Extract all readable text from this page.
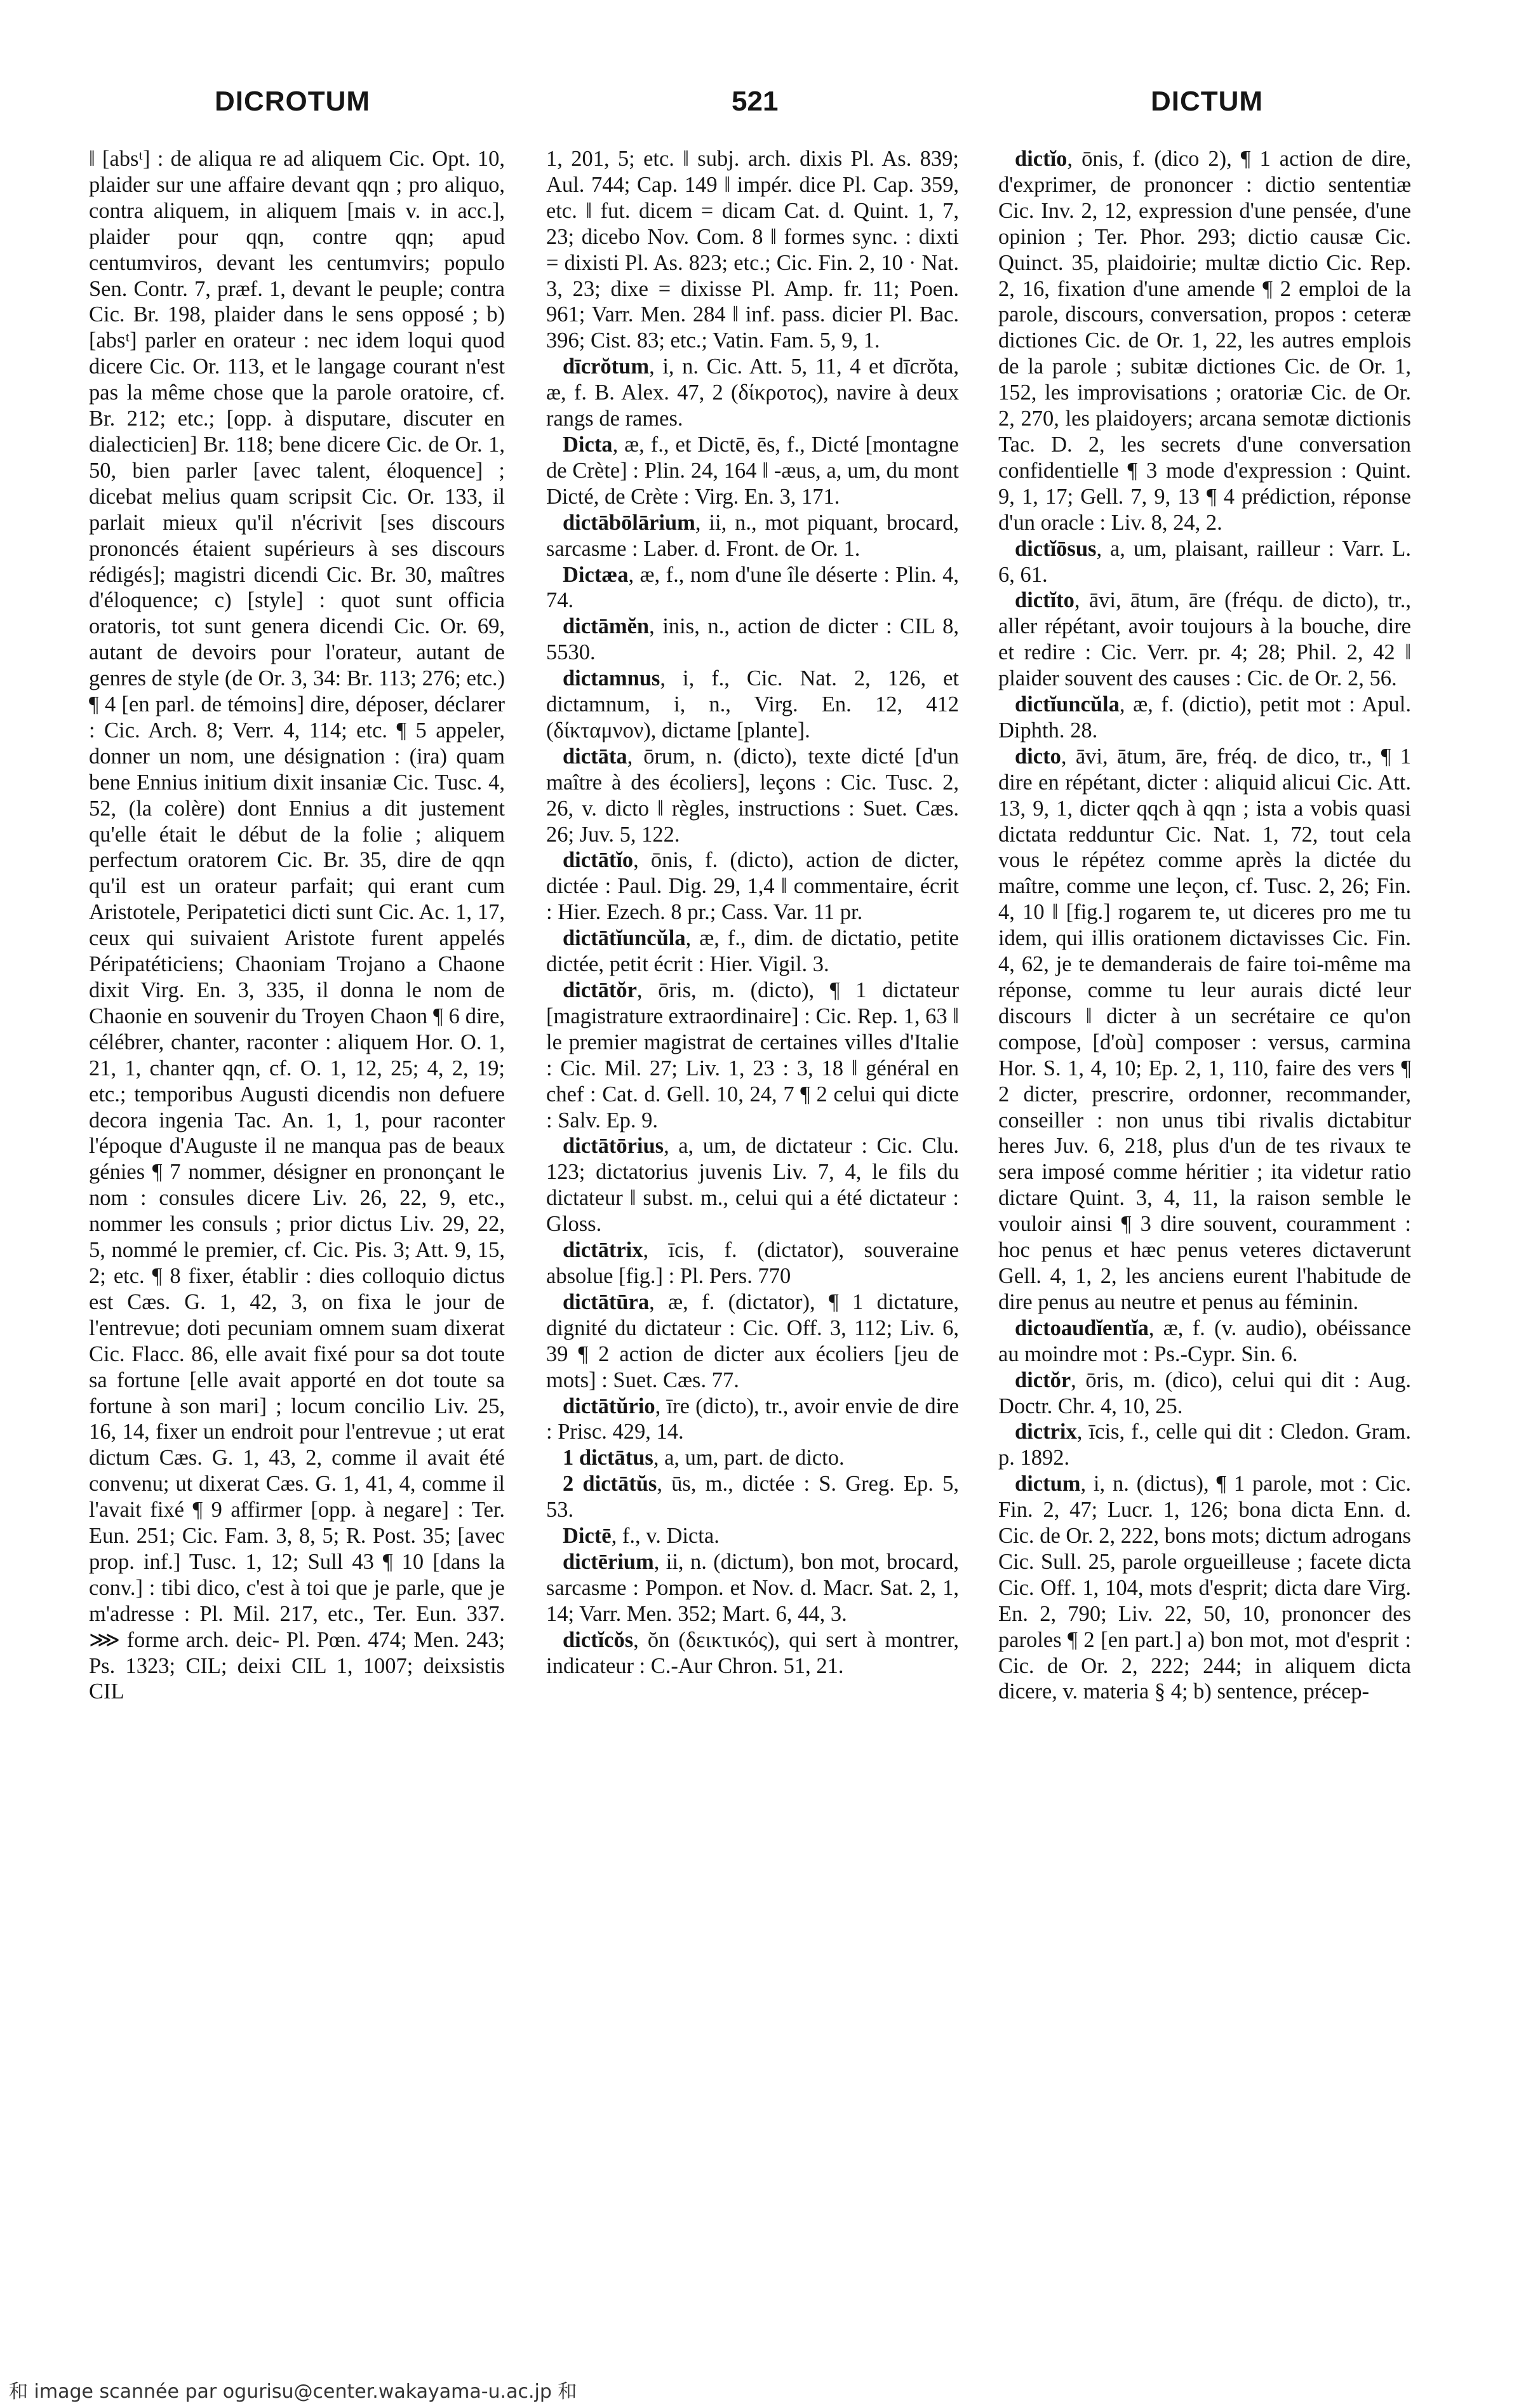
DICROTUM	521	DICTUM

‖ [absᵗ] : de aliqua re ad aliquem Cic. Opt. 10, plaider sur une affaire devant qqn ; pro aliquo, contra aliquem, in aliquem [mais v. in acc.], plaider pour qqn, contre qqn; apud centumviros, devant les centumvirs; populo Sen. Contr. 7, præf. 1, devant le peuple; contra Cic. Br. 198, plaider dans le sens opposé ; b) [absᵗ] parler en orateur : nec idem loqui quod dicere Cic. Or. 113, et le langage courant n'est pas la même chose que la parole oratoire, cf. Br. 212; etc.; [opp. à disputare, discuter en dialecticien] Br. 118; bene dicere Cic. de Or. 1, 50, bien parler [avec talent, éloquence] ; dicebat melius quam scripsit Cic. Or. 133, il parlait mieux qu'il n'écrivit [ses discours prononcés étaient supérieurs à ses discours rédigés]; magistri dicendi Cic. Br. 30, maîtres d'éloquence; c) [style] : quot sunt officia oratoris, tot sunt genera dicendi Cic. Or. 69, autant de devoirs pour l'orateur, autant de genres de style (de Or. 3, 34: Br. 113; 276; etc.) ¶ 4 [en parl. de témoins] dire, déposer, déclarer : Cic. Arch. 8; Verr. 4, 114; etc. ¶ 5 appeler, donner un nom, une désignation : (ira) quam bene Ennius initium dixit insaniæ Cic. Tusc. 4, 52, (la colère) dont Ennius a dit justement qu'elle était le début de la folie ; aliquem perfectum oratorem Cic. Br. 35, dire de qqn qu'il est un orateur parfait; qui erant cum Aristotele, Peripatetici dicti sunt Cic. Ac. 1, 17, ceux qui suivaient Aristote furent appelés Péripatéticiens; Chaoniam Trojano a Chaone dixit Virg. En. 3, 335, il donna le nom de Chaonie en souvenir du Troyen Chaon ¶ 6 dire, célébrer, chanter, raconter : aliquem Hor. O. 1, 21, 1, chanter qqn, cf. O. 1, 12, 25; 4, 2, 19; etc.; temporibus Augusti dicendis non defuere decora ingenia Tac. An. 1, 1, pour raconter l'époque d'Auguste il ne manqua pas de beaux génies ¶ 7 nommer, désigner en prononçant le nom : consules dicere Liv. 26, 22, 9, etc., nommer les consuls ; prior dictus Liv. 29, 22, 5, nommé le premier, cf. Cic. Pis. 3; Att. 9, 15, 2; etc. ¶ 8 fixer, établir : dies colloquio dictus est Cæs. G. 1, 42, 3, on fixa le jour de l'entrevue; doti pecuniam omnem suam dixerat Cic. Flacc. 86, elle avait fixé pour sa dot toute sa fortune [elle avait apporté en dot toute sa fortune à son mari] ; locum concilio Liv. 25, 16, 14, fixer un endroit pour l'entrevue ; ut erat dictum Cæs. G. 1, 43, 2, comme il avait été convenu; ut dixerat Cæs. G. 1, 41, 4, comme il l'avait fixé ¶ 9 affirmer [opp. à negare] : Ter. Eun. 251; Cic. Fam. 3, 8, 5; R. Post. 35; [avec prop. inf.] Tusc. 1, 12; Sull 43 ¶ 10 [dans la conv.] : tibi dico, c'est à toi que je parle, que je m'adresse : Pl. Mil. 217, etc., Ter. Eun. 337. ⋙ forme arch. deic- Pl. Pœn. 474; Men. 243; Ps. 1323; CIL; deixi CIL 1, 1007; deixsistis CIL

1, 201, 5; etc. ‖ subj. arch. dixis Pl. As. 839; Aul. 744; Cap. 149 ‖ impér. dice Pl. Cap. 359, etc. ‖ fut. dicem = dicam Cat. d. Quint. 1, 7, 23; dicebo Nov. Com. 8 ‖ formes sync. : dixti = dixisti Pl. As. 823; etc.; Cic. Fin. 2, 10 · Nat. 3, 23; dixe = dixisse Pl. Amp. fr. 11; Poen. 961; Varr. Men. 284 ‖ inf. pass. dicier Pl. Bac. 396; Cist. 83; etc.; Vatin. Fam. 5, 9, 1.

dīcrŏtum, i, n. Cic. Att. 5, 11, 4 et dīcrŏta, æ, f. B. Alex. 47, 2 (δίκροτος), navire à deux rangs de rames.

Dicta, æ, f., et Dictē, ēs, f., Dicté [montagne de Crète] : Plin. 24, 164 ‖ -æus, a, um, du mont Dicté, de Crète : Virg. En. 3, 171.

dictābōlārium, ii, n., mot piquant, brocard, sarcasme : Laber. d. Front. de Or. 1.

Dictæa, æ, f., nom d'une île déserte : Plin. 4, 74.

dictāmĕn, inis, n., action de dicter : CIL 8, 5530.

dictamnus, i, f., Cic. Nat. 2, 126, et dictamnum, i, n., Virg. En. 12, 412 (δίκταμνον), dictame [plante].

dictāta, ōrum, n. (dicto), texte dicté [d'un maître à des écoliers], leçons : Cic. Tusc. 2, 26, v. dicto ‖ règles, instructions : Suet. Cæs. 26; Juv. 5, 122.

dictātĭo, ōnis, f. (dicto), action de dicter, dictée : Paul. Dig. 29, 1,4 ‖ commentaire, écrit : Hier. Ezech. 8 pr.; Cass. Var. 11 pr.

dictātĭuncŭla, æ, f., dim. de dictatio, petite dictée, petit écrit : Hier. Vigil. 3.

dictātŏr, ōris, m. (dicto), ¶ 1 dictateur [magistrature extraordinaire] : Cic. Rep. 1, 63 ‖ le premier magistrat de certaines villes d'Italie : Cic. Mil. 27; Liv. 1, 23 : 3, 18 ‖ général en chef : Cat. d. Gell. 10, 24, 7 ¶ 2 celui qui dicte : Salv. Ep. 9.

dictātōrius, a, um, de dictateur : Cic. Clu. 123; dictatorius juvenis Liv. 7, 4, le fils du dictateur ‖ subst. m., celui qui a été dictateur : Gloss.

dictātrix, īcis, f. (dictator), souveraine absolue [fig.] : Pl. Pers. 770

dictātūra, æ, f. (dictator), ¶ 1 dictature, dignité du dictateur : Cic. Off. 3, 112; Liv. 6, 39 ¶ 2 action de dicter aux écoliers [jeu de mots] : Suet. Cæs. 77.

dictātŭrio, īre (dicto), tr., avoir envie de dire : Prisc. 429, 14.

1 dictātus, a, um, part. de dicto.

2 dictātŭs, ūs, m., dictée : S. Greg. Ep. 5, 53.

Dictē, f., v. Dicta.

dictērium, ii, n. (dictum), bon mot, brocard, sarcasme : Pompon. et Nov. d. Macr. Sat. 2, 1, 14; Varr. Men. 352; Mart. 6, 44, 3.

dictĭcŏs, ŏn (δεικτικός), qui sert à montrer, indicateur : C.-Aur Chron. 51, 21.

dictĭo, ōnis, f. (dico 2), ¶ 1 action de dire, d'exprimer, de prononcer : dictio sententiæ Cic. Inv. 2, 12, expression d'une pensée, d'une opinion ; Ter. Phor. 293; dictio causæ Cic. Quinct. 35, plaidoirie; multæ dictio Cic. Rep. 2, 16, fixation d'une amende ¶ 2 emploi de la parole, discours, conversation, propos : ceteræ dictiones Cic. de Or. 1, 22, les autres emplois de la parole ; subitæ dictiones Cic. de Or. 1, 152, les improvisations ; oratoriæ Cic. de Or. 2, 270, les plaidoyers; arcana semotæ dictionis Tac. D. 2, les secrets d'une conversation confidentielle ¶ 3 mode d'expression : Quint. 9, 1, 17; Gell. 7, 9, 13 ¶ 4 prédiction, réponse d'un oracle : Liv. 8, 24, 2.

dictĭōsus, a, um, plaisant, railleur : Varr. L. 6, 61.

dictĭto, āvi, ātum, āre (fréqu. de dicto), tr., aller répétant, avoir toujours à la bouche, dire et redire : Cic. Verr. pr. 4; 28; Phil. 2, 42 ‖ plaider souvent des causes : Cic. de Or. 2, 56.

dictĭuncŭla, æ, f. (dictio), petit mot : Apul. Diphth. 28.

dicto, āvi, ātum, āre, fréq. de dico, tr., ¶ 1 dire en répétant, dicter : aliquid alicui Cic. Att. 13, 9, 1, dicter qqch à qqn ; ista a vobis quasi dictata redduntur Cic. Nat. 1, 72, tout cela vous le répétez comme après la dictée du maître, comme une leçon, cf. Tusc. 2, 26; Fin. 4, 10 ‖ [fig.] rogarem te, ut diceres pro me tu idem, qui illis orationem dictavisses Cic. Fin. 4, 62, je te demanderais de faire toi-même ma réponse, comme tu leur aurais dicté leur discours ‖ dicter à un secrétaire ce qu'on compose, [d'où] composer : versus, carmina Hor. S. 1, 4, 10; Ep. 2, 1, 110, faire des vers ¶ 2 dicter, prescrire, ordonner, recommander, conseiller : non unus tibi rivalis dictabitur heres Juv. 6, 218, plus d'un de tes rivaux te sera imposé comme héritier ; ita videtur ratio dictare Quint. 3, 4, 11, la raison semble le vouloir ainsi ¶ 3 dire souvent, couramment : hoc penus et hæc penus veteres dictaverunt Gell. 4, 1, 2, les anciens eurent l'habitude de dire penus au neutre et penus au féminin.

dictoaudĭentĭa, æ, f. (v. audio), obéissance au moindre mot : Ps.-Cypr. Sin. 6.

dictŏr, ōris, m. (dico), celui qui dit : Aug. Doctr. Chr. 4, 10, 25.

dictrix, īcis, f., celle qui dit : Cledon. Gram. p. 1892.

dictum, i, n. (dictus), ¶ 1 parole, mot : Cic. Fin. 2, 47; Lucr. 1, 126; bona dicta Enn. d. Cic. de Or. 2, 222, bons mots; dictum adrogans Cic. Sull. 25, parole orgueilleuse ; facete dicta Cic. Off. 1, 104, mots d'esprit; dicta dare Virg. En. 2, 790; Liv. 22, 50, 10, prononcer des paroles ¶ 2 [en part.] a) bon mot, mot d'esprit : Cic. de Or. 2, 222; 244; in aliquem dicta dicere, v. materia § 4; b) sentence, précep-

和 image scannée par ogurisu@center.wakayama-u.ac.jp 和
